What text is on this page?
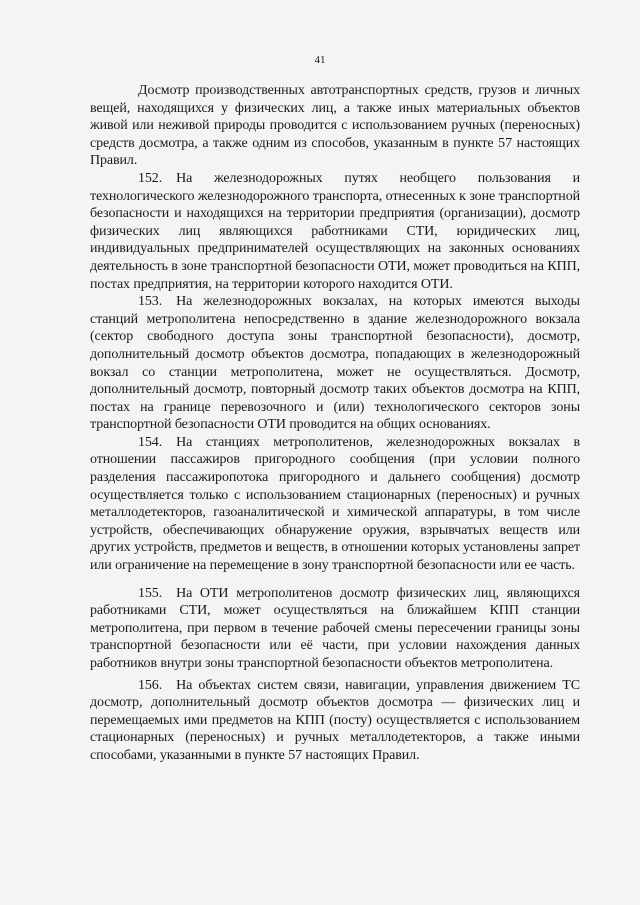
41

Досмотр производственных автотранспортных средств, грузов и личных вещей, находящихся у физических лиц, а также иных материальных объектов живой или неживой природы проводится с использованием ручных (переносных) средств досмотра, а также одним из способов, указанным в пункте 57 настоящих Правил.

152. На железнодорожных путях необщего пользования и технологического железнодорожного транспорта, отнесенных к зоне транспортной безопасности и находящихся на территории предприятия (организации), досмотр физических лиц являющихся работниками СТИ, юридических лиц, индивидуальных предпринимателей осуществляющих на законных основаниях деятельность в зоне транспортной безопасности ОТИ, может проводиться на КПП, постах предприятия, на территории которого находится ОТИ.

153. На железнодорожных вокзалах, на которых имеются выходы станций метрополитена непосредственно в здание железнодорожного вокзала (сектор свободного доступа зоны транспортной безопасности), досмотр, дополнительный досмотр объектов досмотра, попадающих в железнодорожный вокзал со станции метрополитена, может не осуществляться. Досмотр, дополнительный досмотр, повторный досмотр таких объектов досмотра на КПП, постах на границе перевозочного и (или) технологического секторов зоны транспортной безопасности ОТИ проводится на общих основаниях.

154. На станциях метрополитенов, железнодорожных вокзалах в отношении пассажиров пригородного сообщения (при условии полного разделения пассажиропотока пригородного и дальнего сообщения) досмотр осуществляется только с использованием стационарных (переносных) и ручных металлодетекторов, газоаналитической и химической аппаратуры, в том числе устройств, обеспечивающих обнаружение оружия, взрывчатых веществ или других устройств, предметов и веществ, в отношении которых установлены запрет или ограничение на перемещение в зону транспортной безопасности или ее часть.

155. На ОТИ метрополитенов досмотр физических лиц, являющихся работниками СТИ, может осуществляться на ближайшем КПП станции метрополитена, при первом в течение рабочей смены пересечении границы зоны транспортной безопасности или её части, при условии нахождения данных работников внутри зоны транспортной безопасности объектов метрополитена.

156. На объектах систем связи, навигации, управления движением ТС досмотр, дополнительный досмотр объектов досмотра — физических лиц и перемещаемых ими предметов на КПП (посту) осуществляется с использованием стационарных (переносных) и ручных металлодетекторов, а также иными способами, указанными в пункте 57 настоящих Правил.
